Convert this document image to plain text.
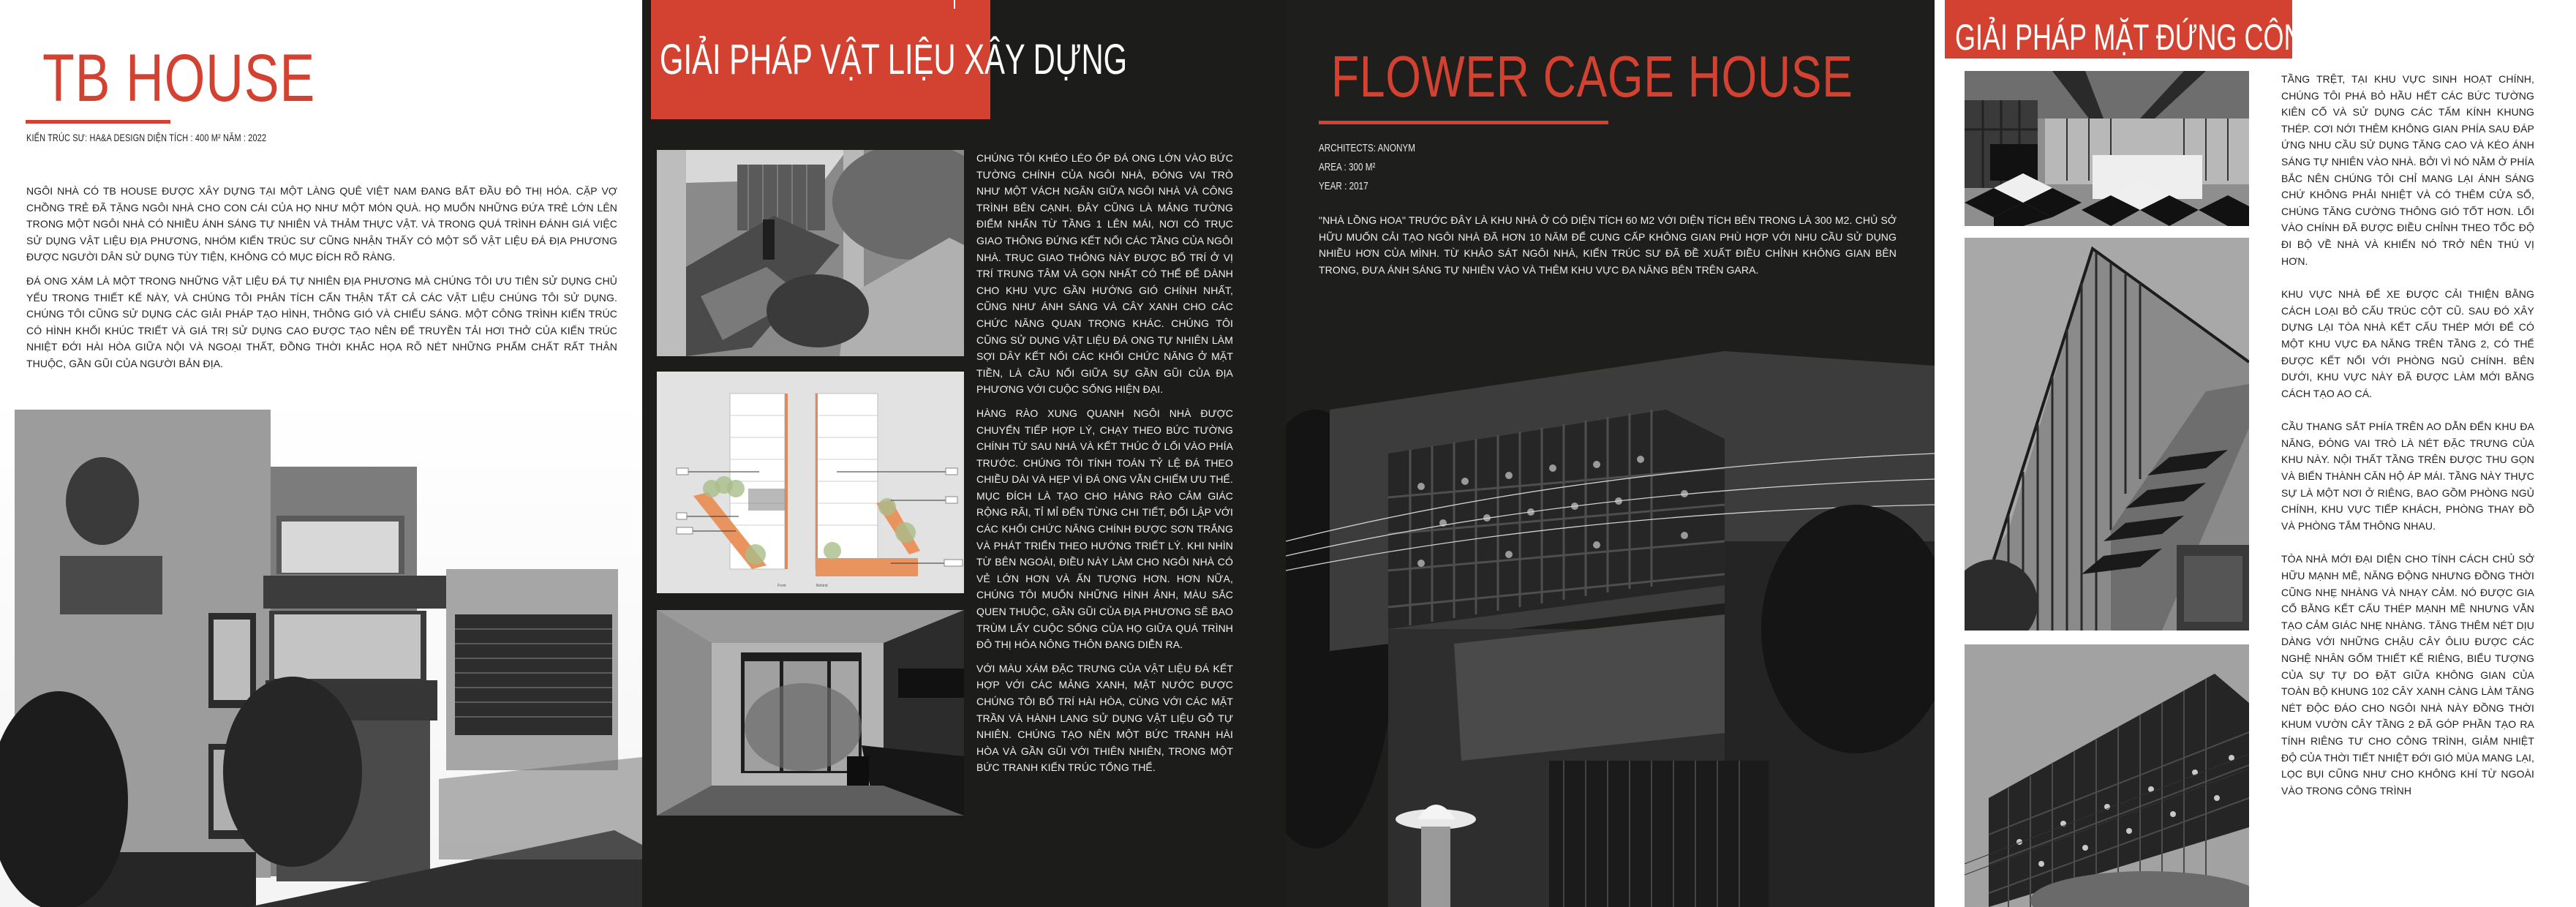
TB HOUSE
KIẾN TRÚC SƯ: HA&A DESIGN DIỆN TÍCH : 400 M² NĂM : 2022

NGÔI NHÀ CÓ TB HOUSE ĐƯỢC XÂY DỰNG TẠI MỘT LÀNG QUÊ VIỆT NAM ĐANG BẮT ĐẦU ĐÔ THỊ HÓA. CẶP VỢ CHỒNG TRẺ ĐÃ TẶNG NGÔI NHÀ CHO CON CÁI CỦA HỌ NHƯ MỘT MÓN QUÀ. HỌ MUỐN NHỮNG ĐỨA TRẺ LỚN LÊN TRONG MỘT NGÔI NHÀ CÓ NHIỀU ÁNH SÁNG TỰ NHIÊN VÀ THẢM THỰC VẬT. VÀ TRONG QUÁ TRÌNH ĐÁNH GIÁ VIỆC SỬ DỤNG VẬT LIỆU ĐỊA PHƯƠNG, NHÓM KIẾN TRÚC SƯ CŨNG NHẬN THẤY CÓ MỘT SỐ VẬT LIỆU ĐÁ ĐỊA PHƯƠNG ĐƯỢC NGƯỜI DÂN SỬ DỤNG TÙY TIỆN, KHÔNG CÓ MỤC ĐÍCH RÕ RÀNG.

ĐÁ ONG XÁM LÀ MỘT TRONG NHỮNG VẬT LIỆU ĐÁ TỰ NHIÊN ĐỊA PHƯƠNG MÀ CHÚNG TÔI ƯU TIÊN SỬ DỤNG CHỦ YẾU TRONG THIẾT KẾ NÀY, VÀ CHÚNG TÔI PHÂN TÍCH CẨN THẬN TẤT CẢ CÁC VẬT LIỆU CHÚNG TÔI SỬ DỤNG. CHÚNG TÔI CŨNG SỬ DỤNG CÁC GIẢI PHÁP TẠO HÌNH, THÔNG GIÓ VÀ CHIẾU SÁNG. MỘT CÔNG TRÌNH KIẾN TRÚC CÓ HÌNH KHỐI KHÚC TRIẾT VÀ GIÁ TRỊ SỬ DỤNG CAO ĐƯỢC TẠO NÊN ĐỂ TRUYỀN TẢI HƠI THỞ CỦA KIẾN TRÚC NHIỆT ĐỚI HÀI HÒA GIỮA NỘI VÀ NGOẠI THẤT, ĐỒNG THỜI KHẮC HỌA RÕ NÉT NHỮNG PHẨM CHẤT RẤT THÂN THUỘC, GẦN GŨI CỦA NGƯỜI BẢN ĐỊA.

GIẢI PHÁP VẬT LIỆU XÂY DỰNG
Front	Behind

CHÚNG TÔI KHÉO LÉO ỐP ĐÁ ONG LỚN VÀO BỨC TƯỜNG CHÍNH CỦA NGÔI NHÀ, ĐÓNG VAI TRÒ NHƯ MỘT VÁCH NGĂN GIỮA NGÔI NHÀ VÀ CÔNG TRÌNH BÊN CẠNH. ĐÂY CŨNG LÀ MẢNG TƯỜNG ĐIỂM NHẤN TỪ TẦNG 1 LÊN MÁI, NƠI CÓ TRỤC GIAO THÔNG ĐỨNG KẾT NỐI CÁC TẦNG CỦA NGÔI NHÀ. TRỤC GIAO THÔNG NÀY ĐƯỢC BỐ TRÍ Ở VỊ TRÍ TRUNG TÂM VÀ GỌN NHẤT CÓ THỂ ĐỂ DÀNH CHO KHU VỰC GẦN HƯỚNG GIÓ CHÍNH NHẤT, CŨNG NHƯ ÁNH SÁNG VÀ CÂY XANH CHO CÁC CHỨC NĂNG QUAN TRỌNG KHÁC. CHÚNG TÔI CŨNG SỬ DỤNG VẬT LIỆU ĐÁ ONG TỰ NHIÊN LÀM SỢI DÂY KẾT NỐI CÁC KHỐI CHỨC NĂNG Ở MẶT TIỀN, LÀ CẦU NỐI GIỮA SỰ GẦN GŨI CỦA ĐỊA PHƯƠNG VỚI CUỘC SỐNG HIỆN ĐẠI.

HÀNG RÀO XUNG QUANH NGÔI NHÀ ĐƯỢC CHUYỂN TIẾP HỢP LÝ, CHẠY THEO BỨC TƯỜNG CHÍNH TỪ SAU NHÀ VÀ KẾT THÚC Ở LỐI VÀO PHÍA TRƯỚC. CHÚNG TÔI TÍNH TOÁN TỶ LỆ ĐÁ THEO CHIỀU DÀI VÀ HẸP VÌ ĐÁ ONG VẪN CHIẾM ƯU THẾ. MỤC ĐÍCH LÀ TẠO CHO HÀNG RÀO CẢM GIÁC RỘNG RÃI, TỈ MỈ ĐẾN TỪNG CHI TIẾT, ĐỐI LẬP VỚI CÁC KHỐI CHỨC NĂNG CHÍNH ĐƯỢC SƠN TRẮNG VÀ PHÁT TRIỂN THEO HƯỚNG TRIẾT LÝ. KHI NHÌN TỪ BÊN NGOÀI, ĐIỀU NÀY LÀM CHO NGÔI NHÀ CÓ VẺ LỚN HƠN VÀ ẤN TƯỢNG HƠN. HƠN NỮA, CHÚNG TÔI MUỐN NHỮNG HÌNH ẢNH, MÀU SẮC QUEN THUỘC, GẦN GŨI CỦA ĐỊA PHƯƠNG SẼ BAO TRÙM LẤY CUỘC SỐNG CỦA HỌ GIỮA QUÁ TRÌNH ĐÔ THỊ HÓA NÔNG THÔN ĐANG DIỄN RA.

VỚI MÀU XÁM ĐẶC TRƯNG CỦA VẬT LIỆU ĐÁ KẾT HỢP VỚI CÁC MẢNG XANH, MẶT NƯỚC ĐƯỢC CHÚNG TÔI BỐ TRÍ HÀI HÒA, CÙNG VỚI CÁC MẶT TRẦN VÀ HÀNH LANG SỬ DỤNG VẬT LIỆU GỖ TỰ NHIÊN. CHÚNG TẠO NÊN MỘT BỨC TRANH HÀI HÒA VÀ GẦN GŨI VỚI THIÊN NHIÊN, TRONG MỘT BỨC TRANH KIẾN TRÚC TỔNG THỂ.

FLOWER CAGE HOUSE
ARCHITECTS: ANONYM
AREA : 300 M²
YEAR : 2017

"NHÀ LỒNG HOA" TRƯỚC ĐÂY LÀ KHU NHÀ Ở CÓ DIỆN TÍCH 60 M2 VỚI DIỆN TÍCH BÊN TRONG LÀ 300 M2. CHỦ SỞ HỮU MUỐN CẢI TẠO NGÔI NHÀ ĐÃ HƠN 10 NĂM ĐỂ CUNG CẤP KHÔNG GIAN PHÙ HỢP VỚI NHU CẦU SỬ DỤNG NHIỀU HƠN CỦA MÌNH. TỪ KHẢO SÁT NGÔI NHÀ, KIẾN TRÚC SƯ ĐÃ ĐỀ XUẤT ĐIỀU CHỈNH KHÔNG GIAN BÊN TRONG, ĐƯA ÁNH SÁNG TỰ NHIÊN VÀO VÀ THÊM KHU VỰC ĐA NĂNG BÊN TRÊN GARA.

GIẢI PHÁP MẶT ĐỨNG CÔNG TRÌNH

TẦNG TRỆT, TẠI KHU VỰC SINH HOẠT CHÍNH, CHÚNG TÔI PHÁ BỎ HẦU HẾT CÁC BỨC TƯỜNG KIÊN CỐ VÀ SỬ DỤNG CÁC TẤM KÍNH KHUNG THÉP. CƠI NỚI THÊM KHÔNG GIAN PHÍA SAU ĐÁP ỨNG NHU CẦU SỬ DỤNG TĂNG CAO VÀ KÉO ÁNH SÁNG TỰ NHIÊN VÀO NHÀ. BỞI VÌ NÓ NẰM Ở PHÍA BẮC NÊN CHÚNG TÔI CHỈ MANG LẠI ÁNH SÁNG CHỨ KHÔNG PHẢI NHIỆT VÀ CÓ THÊM CỬA SỔ, CHÚNG TĂNG CƯỜNG THÔNG GIÓ TỐT HƠN. LỐI VÀO CHÍNH ĐÃ ĐƯỢC ĐIỀU CHỈNH THEO TỐC ĐỘ ĐI BỘ VỀ NHÀ VÀ KHIẾN NÓ TRỞ NÊN THÚ VỊ HƠN.

KHU VỰC NHÀ ĐỂ XE ĐƯỢC CẢI THIỆN BẰNG CÁCH LOẠI BỎ CẤU TRÚC CỘT CŨ. SAU ĐÓ XÂY DỰNG LẠI TÒA NHÀ KẾT CẤU THÉP MỚI ĐỂ CÓ MỘT KHU VỰC ĐA NĂNG TRÊN TẦNG 2, CÓ THỂ ĐƯỢC KẾT NỐI VỚI PHÒNG NGỦ CHÍNH. BÊN DƯỚI, KHU VỰC NÀY ĐÃ ĐƯỢC LÀM MỚI BẰNG CÁCH TẠO AO CÁ.

CẦU THANG SẮT PHÍA TRÊN AO DẪN ĐẾN KHU ĐA NĂNG, ĐÓNG VAI TRÒ LÀ NÉT ĐẶC TRƯNG CỦA KHU NÀY. NỘI THẤT TẦNG TRÊN ĐƯỢC THU GỌN VÀ BIẾN THÀNH CĂN HỘ ÁP MÁI. TẦNG NÀY THỰC SỰ LÀ MỘT NƠI Ở RIÊNG, BAO GỒM PHÒNG NGỦ CHÍNH, KHU VỰC TIẾP KHÁCH, PHÒNG THAY ĐỒ VÀ PHÒNG TẮM THÔNG NHAU.

TÒA NHÀ MỚI ĐẠI DIỆN CHO TÍNH CÁCH CHỦ SỞ HỮU MẠNH MẼ, NĂNG ĐỘNG NHƯNG ĐỒNG THỜI CŨNG NHẸ NHÀNG VÀ NHẠY CẢM. NÓ ĐƯỢC GIA CỐ BẰNG KẾT CẤU THÉP MẠNH MẼ NHƯNG VẪN TẠO CẢM GIÁC NHẸ NHÀNG. TĂNG THÊM NÉT DỊU DÀNG VỚI NHỮNG CHẬU CÂY ÔLIU ĐƯỢC CÁC NGHỆ NHÂN GỐM THIẾT KẾ RIÊNG, BIỂU TƯỢNG CỦA SỰ TỰ DO ĐẶT GIỮA KHÔNG GIAN CỦA TOÀN BỘ KHUNG 102 CÂY XANH CÀNG LÀM TĂNG NÉT ĐỘC ĐÁO CHO NGÔI NHÀ NÀY ĐỒNG THỜI KHUM VƯỜN CÂY TẦNG 2 ĐÃ GÓP PHẦN TẠO RA TÍNH RIÊNG TƯ CHO CÔNG TRÌNH, GIẢM NHIỆT ĐỘ CỦA THỜI TIẾT NHIỆT ĐỚI GIÓ MÙA MANG LẠI, LỌC BỤI CŨNG NHƯ CHO KHÔNG KHÍ TỪ NGOÀI VÀO TRONG CÔNG TRÌNH
